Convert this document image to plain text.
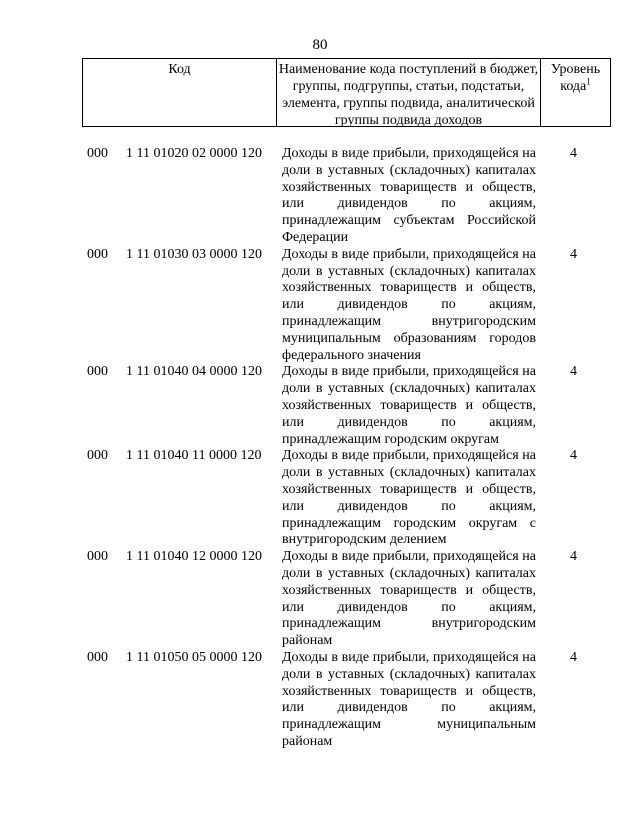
80
Код	Наименование кода поступлений в бюджет, группы, подгруппы, статьи, подстатьи, элемента, группы подвида, аналитической группы подвида доходов
Уровень кода$^1$
000 1 11 01020 02 0000 120 Доходы в виде прибыли, приходящейся на доли в уставных (складочных) капиталах хозяйственных товариществ и обществ, или дивидендов по акциям, принадлежащим субъектам Российской Федерации
4
000 1 11 01030 03 0000 120 Доходы в виде прибыли, приходящейся на доли в уставных (складочных) капиталах хозяйственных товариществ и обществ, или дивидендов по акциям, принадлежащим внутригородским муниципальным образованиям городов федерального значения
4
000 1 11 01040 04 0000 120 Доходы в виде прибыли, приходящейся на доли в уставных (складочных) капиталах хозяйственных товариществ и обществ, или дивидендов по акциям, принадлежащим городским округам
4
000 1 11 01040 11 0000 120 Доходы в виде прибыли, приходящейся на доли в уставных (складочных) капиталах хозяйственных товариществ и обществ, или дивидендов по акциям, принадлежащим городским округам с внутригородским делением
4
000 1 11 01040 12 0000 120 Доходы в виде прибыли, приходящейся на доли в уставных (складочных) капиталах хозяйственных товариществ и обществ, или дивидендов по акциям, принадлежащим внутригородским районам
4
000 1 11 01050 05 0000 120 Доходы в виде прибыли, приходящейся на доли в уставных (складочных) капиталах хозяйственных товариществ и обществ, или дивидендов по акциям, принадлежащим муниципальным районам
4
